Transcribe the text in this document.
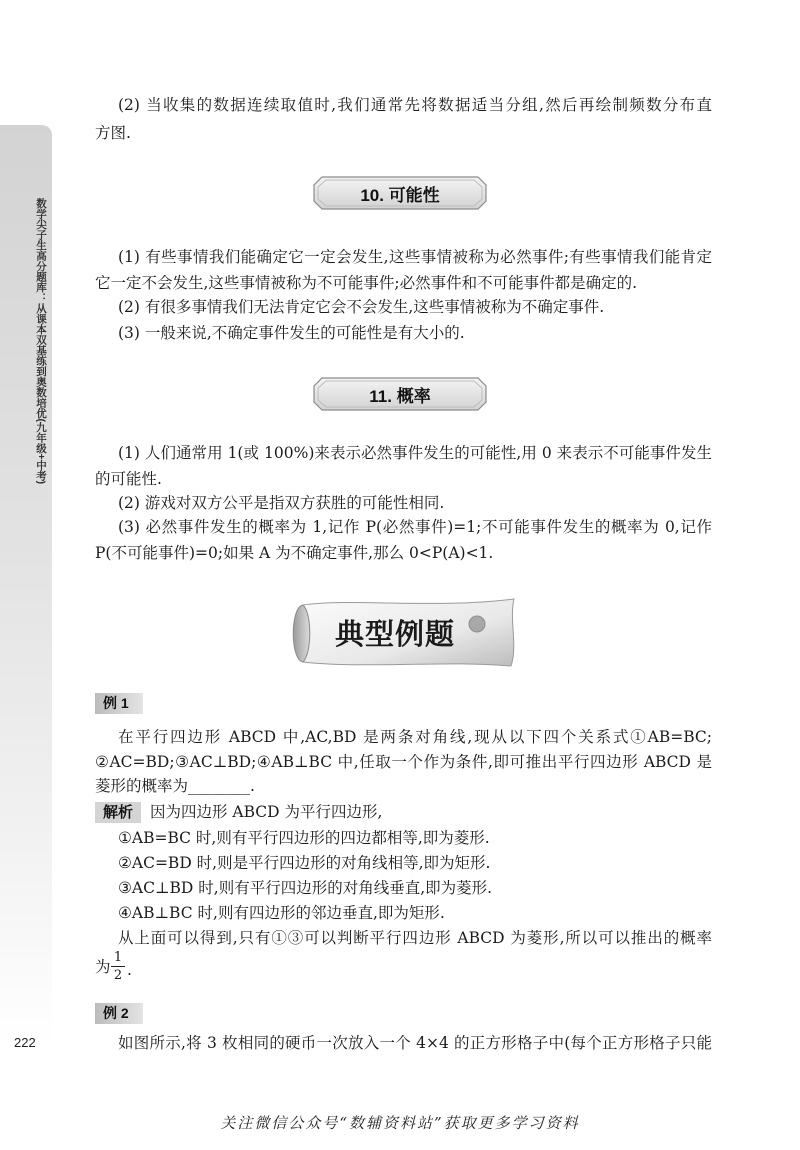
数学尖子生高分题库：从课本双基练到奥数培优(九年级+中考)
222
(2) 当收集的数据连续取值时,我们通常先将数据适当分组,然后再绘制频数分布直
方图.
10. 可能性
(1) 有些事情我们能确定它一定会发生,这些事情被称为必然事件;有些事情我们能肯定
它一定不会发生,这些事情被称为不可能事件;必然事件和不可能事件都是确定的.
(2) 有很多事情我们无法肯定它会不会发生,这些事情被称为不确定事件.
(3) 一般来说,不确定事件发生的可能性是有大小的.
11. 概率
(1) 人们通常用 1(或 100%)来表示必然事件发生的可能性,用 0 来表示不可能事件发生
的可能性.
(2) 游戏对双方公平是指双方获胜的可能性相同.
(3) 必然事件发生的概率为 1,记作 P(必然事件)=1;不可能事件发生的概率为 0,记作
P(不可能事件)=0;如果 A 为不确定事件,那么 0<P(A)<1.
典型例题
例 1
在平行四边形 ABCD 中,AC,BD 是两条对角线,现从以下四个关系式①AB=BC;
②AC=BD;③AC⊥BD;④AB⊥BC 中,任取一个作为条件,即可推出平行四边形 ABCD 是
菱形的概率为________.
解析	因为四边形 ABCD 为平行四边形,
①AB=BC 时,则有平行四边形的四边都相等,即为菱形.
②AC=BD 时,则是平行四边形的对角线相等,即为矩形.
③AC⊥BD 时,则有平行四边形的对角线垂直,即为菱形.
④AB⊥BC 时,则有四边形的邻边垂直,即为矩形.
从上面可以得到,只有①③可以判断平行四边形 ABCD 为菱形,所以可以推出的概率
为
1
2 .
例 2
如图所示,将 3 枚相同的硬币一次放入一个 4×4 的正方形格子中(每个正方形格子只能
关注微信公众号“数辅资料站”获取更多学习资料
